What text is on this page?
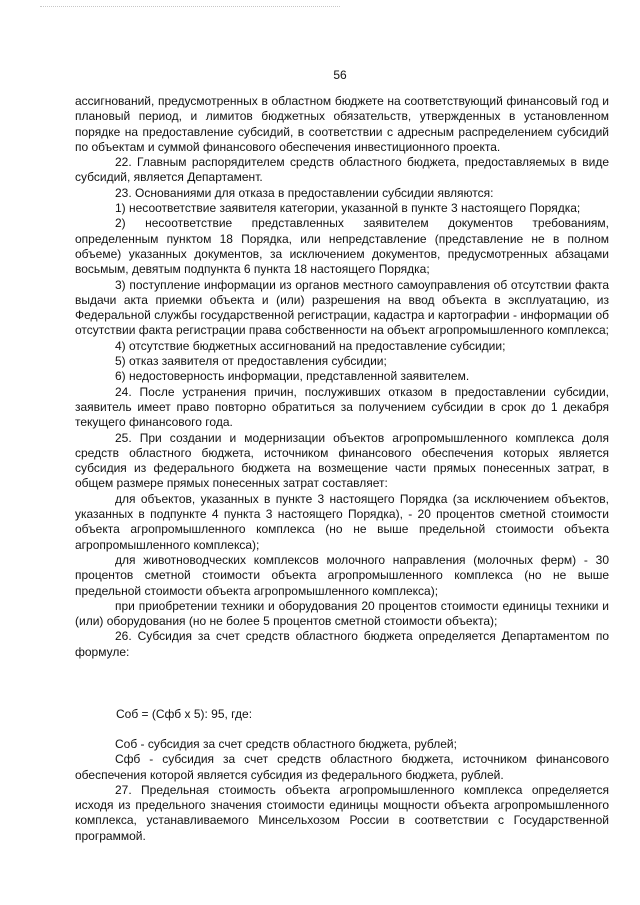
56

ассигнований, предусмотренных в областном бюджете на соответствующий финансовый год и плановый период, и лимитов бюджетных обязательств, утвержденных в установленном порядке на предоставление субсидий, в соответствии с адресным распределением субсидий по объектам и суммой финансового обеспечения инвестиционного проекта.

22. Главным распорядителем средств областного бюджета, предоставляемых в виде субсидий, является Департамент.

23. Основаниями для отказа в предоставлении субсидии являются:

1) несоответствие заявителя категории, указанной в пункте 3 настоящего Порядка;

2) несоответствие представленных заявителем документов требованиям, определенным пунктом 18 Порядка, или непредставление (представление не в полном объеме) указанных документов, за исключением документов, предусмотренных абзацами восьмым, девятым подпункта 6 пункта 18 настоящего Порядка;

3) поступление информации из органов местного самоуправления об отсутствии факта выдачи акта приемки объекта и (или) разрешения на ввод объекта в эксплуатацию, из Федеральной службы государственной регистрации, кадастра и картографии - информации об отсутствии факта регистрации права собственности на объект агропромышленного комплекса;

4) отсутствие бюджетных ассигнований на предоставление субсидии;

5) отказ заявителя от предоставления субсидии;

6) недостоверность информации, представленной заявителем.

24. После устранения причин, послуживших отказом в предоставлении субсидии, заявитель имеет право повторно обратиться за получением субсидии в срок до 1 декабря текущего финансового года.

25. При создании и модернизации объектов агропромышленного комплекса доля средств областного бюджета, источником финансового обеспечения которых является субсидия из федерального бюджета на возмещение части прямых понесенных затрат, в общем размере прямых понесенных затрат составляет:

для объектов, указанных в пункте 3 настоящего Порядка (за исключением объектов, указанных в подпункте 4 пункта 3 настоящего Порядка), - 20 процентов сметной стоимости объекта агропромышленного комплекса (но не выше предельной стоимости объекта агропромышленного комплекса);

для животноводческих комплексов молочного направления (молочных ферм) - 30 процентов сметной стоимости объекта агропромышленного комплекса (но не выше предельной стоимости объекта агропромышленного комплекса);

при приобретении техники и оборудования 20 процентов стоимости единицы техники и (или) оборудования (но не более 5 процентов сметной стоимости объекта);

26. Субсидия за счет средств областного бюджета определяется Департаментом по формуле:

Соб = (Сфб х 5): 95, где:

Соб - субсидия за счет средств областного бюджета, рублей;

Сфб - субсидия за счет средств областного бюджета, источником финансового обеспечения которой является субсидия из федерального бюджета, рублей.

27. Предельная стоимость объекта агропромышленного комплекса определяется исходя из предельного значения стоимости единицы мощности объекта агропромышленного комплекса, устанавливаемого Минсельхозом России в соответствии с Государственной программой.
